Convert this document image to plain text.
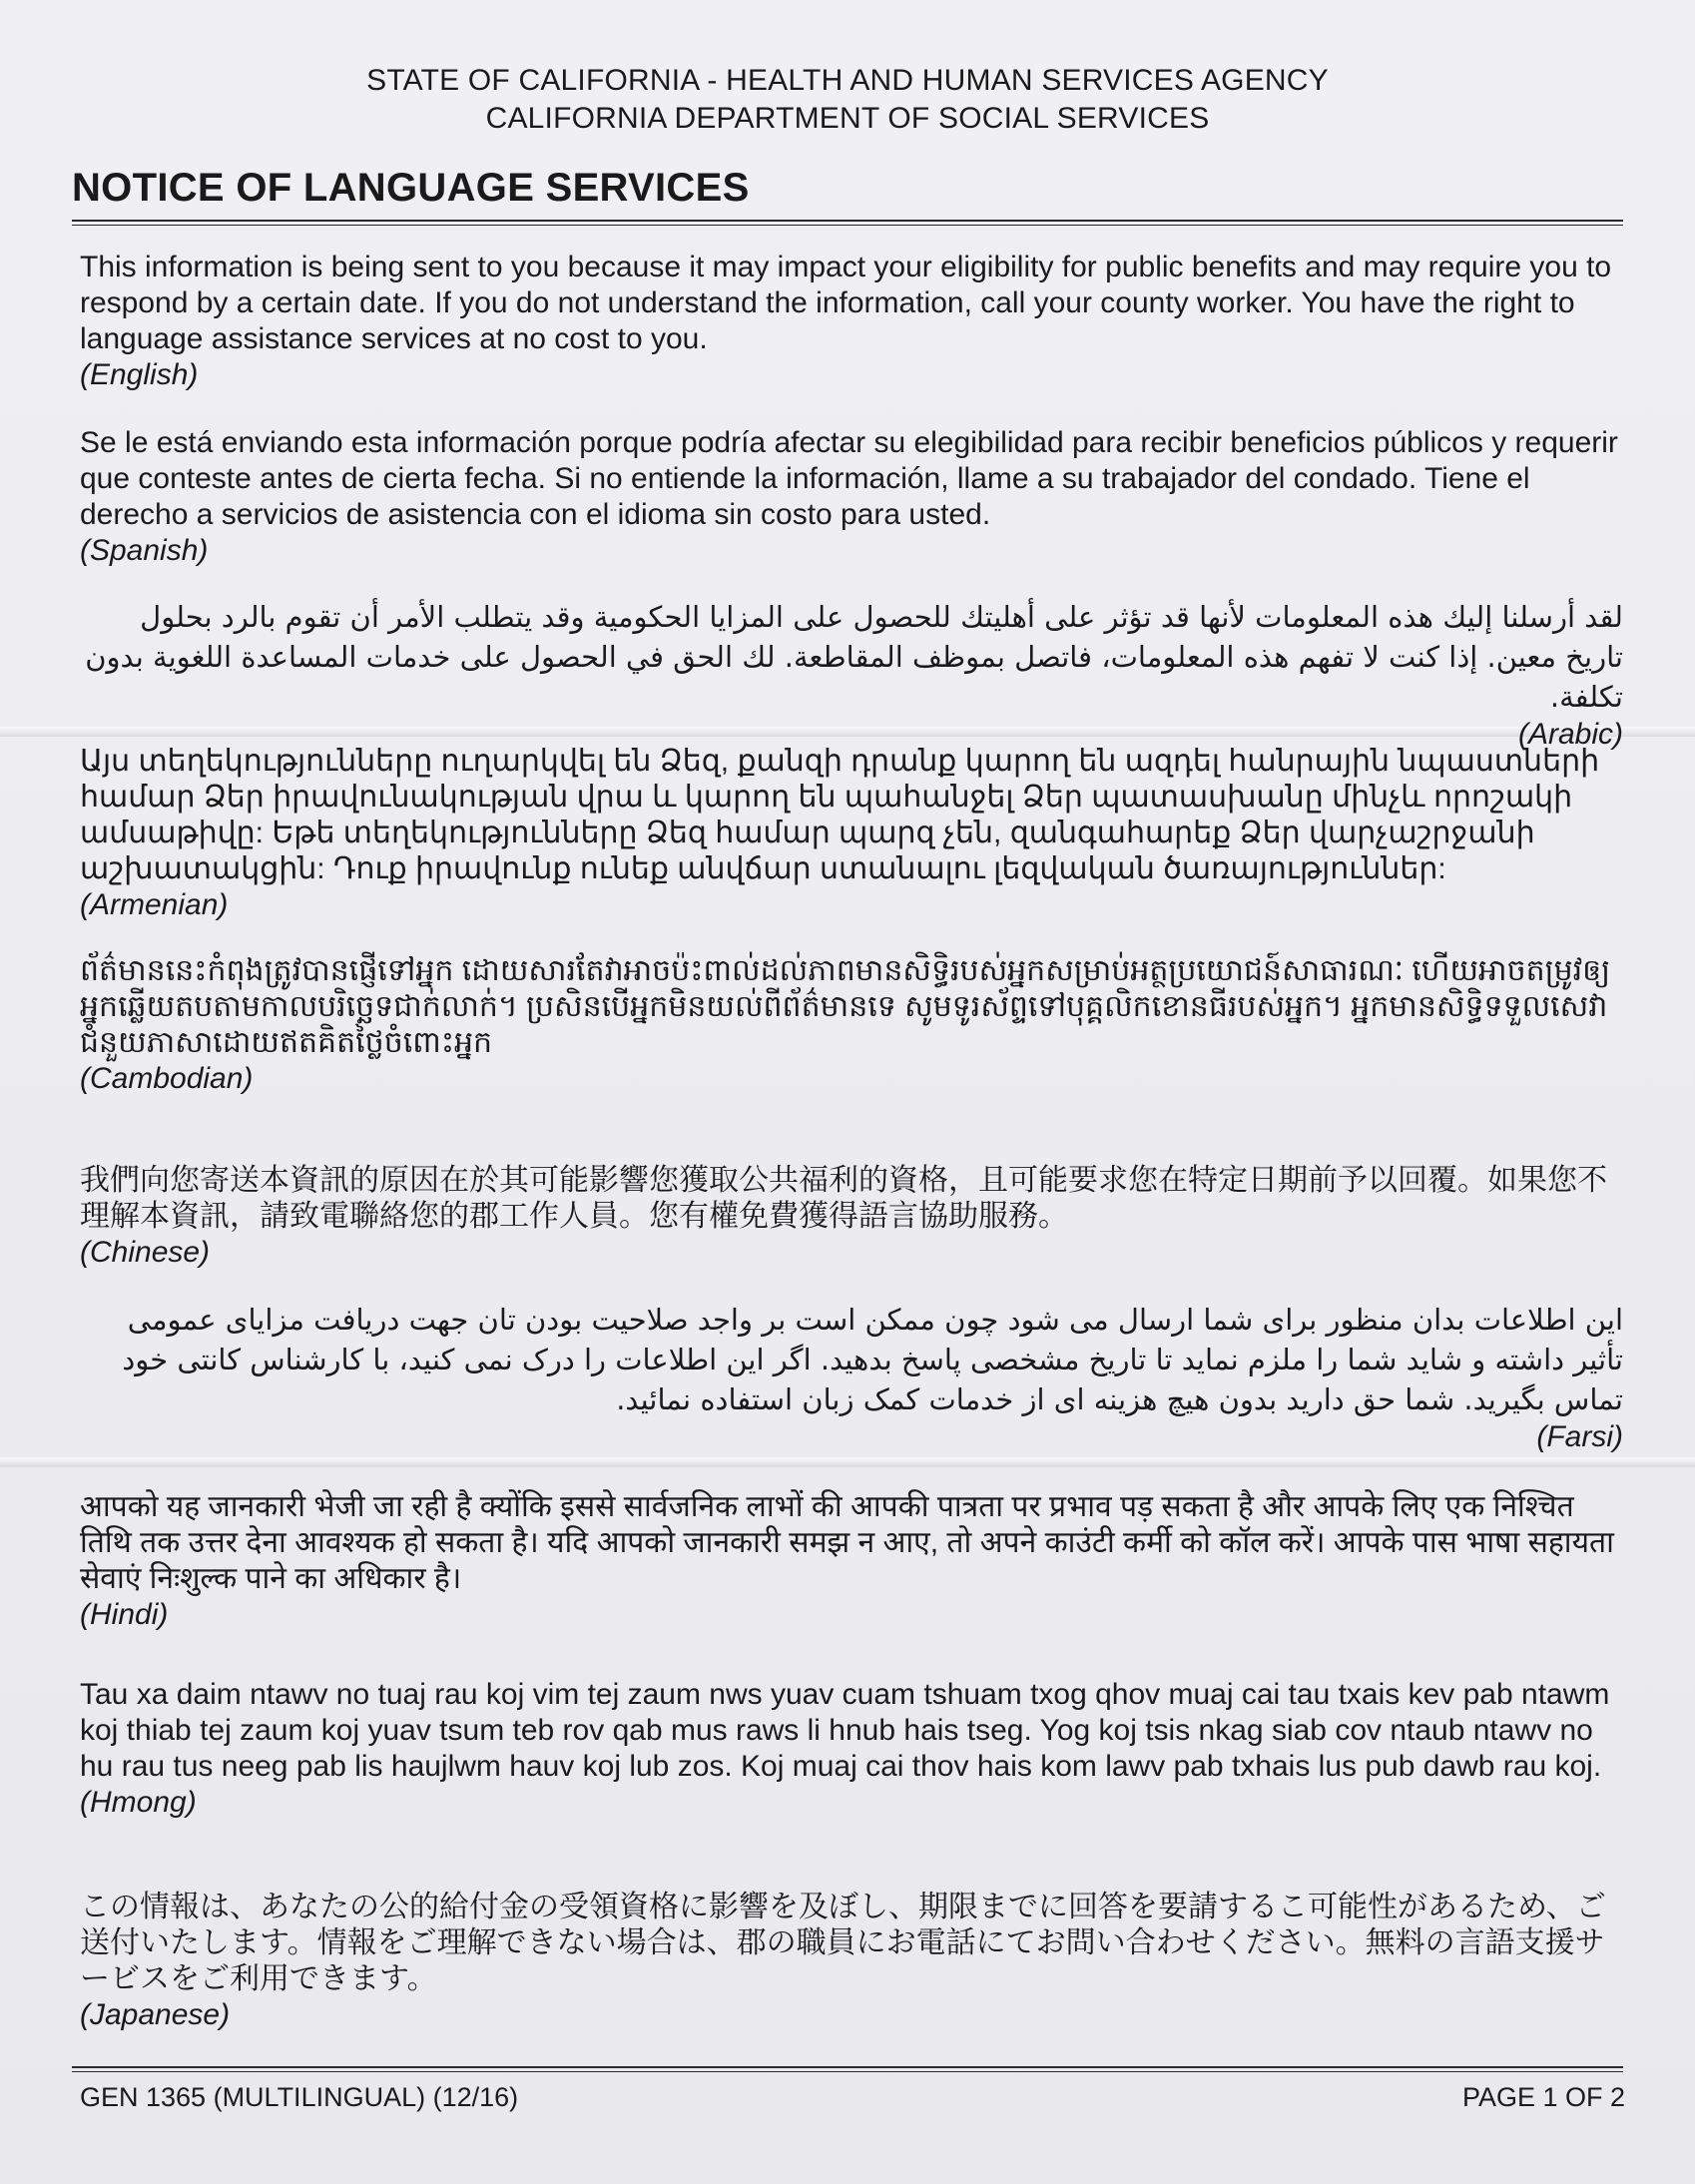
STATE OF CALIFORNIA - HEALTH AND HUMAN SERVICES AGENCY
CALIFORNIA DEPARTMENT OF SOCIAL SERVICES
NOTICE OF LANGUAGE SERVICES

This information is being sent to you because it may impact your eligibility for public benefits and may require you to respond by a certain date. If you do not understand the information, call your county worker. You have the right to language assistance services at no cost to you.

(English)

Se le está enviando esta información porque podría afectar su elegibilidad para recibir beneficios públicos y requerir que conteste antes de cierta fecha. Si no entiende la información, llame a su trabajador del condado. Tiene el derecho a servicios de asistencia con el idioma sin costo para usted.

(Spanish)

لقد أرسلنا إليك هذه المعلومات لأنها قد تؤثر على أهليتك للحصول على المزايا الحكومية وقد يتطلب الأمر أن تقوم بالرد بحلول تاريخ معين. إذا كنت لا تفهم هذه المعلومات، فاتصل بموظف المقاطعة. لك الحق في الحصول على خدمات المساعدة اللغوية بدون تكلفة.

(Arabic)

Այս տեղեկությունները ուղարկվել են Ձեզ, քանզի դրանք կարող են ազդել հանրային նպաստների համար Ձեր իրավունակության վրա և կարող են պահանջել Ձեր պատասխանը մինչև որոշակի ամսաթիվը: Եթե տեղեկությունները Ձեզ համար պարզ չեն, զանգահարեք Ձեր վարչաշրջանի աշխատակցին: Դուք իրավունք ունեք անվճար ստանալու լեզվական ծառայություններ:

(Armenian)

ព័ត៌មាននេះកំពុងត្រូវបានផ្ញើទៅអ្នក ដោយសារតែវាអាចប៉ះពាល់ដល់ភាពមានសិទ្ធិរបស់អ្នកសម្រាប់អត្ថប្រយោជន៍សាធារណៈ ហើយអាចតម្រូវឲ្យអ្នកឆ្លើយតបតាមកាលបរិច្ឆេទជាក់លាក់។ ប្រសិនបើអ្នកមិនយល់ពីព័ត៌មានទេ សូមទូរស័ព្ទទៅបុគ្គលិកខោនធីរបស់អ្នក។ អ្នកមានសិទ្ធិទទួលសេវាជំនួយភាសាដោយឥតគិតថ្លៃចំពោះអ្នក

(Cambodian)

我們向您寄送本資訊的原因在於其可能影響您獲取公共福利的資格，且可能要求您在特定日期前予以回覆。如果您不理解本資訊，請致電聯絡您的郡工作人員。您有權免費獲得語言協助服務。

(Chinese)

این اطلاعات بدان منظور برای شما ارسال می شود چون ممکن است بر واجد صلاحیت بودن تان جهت دریافت مزایای عمومی تأثیر داشته و شاید شما را ملزم نماید تا تاریخ مشخصی پاسخ بدهید. اگر این اطلاعات را درک نمی کنید، با کارشناس کانتی خود تماس بگیرید. شما حق دارید بدون هیچ هزینه ای از خدمات کمک زبان استفاده نمائید.

(Farsi)

आपको यह जानकारी भेजी जा रही है क्योंकि इससे सार्वजनिक लाभों की आपकी पात्रता पर प्रभाव पड़ सकता है और आपके लिए एक निश्चित तिथि तक उत्तर देना आवश्यक हो सकता है। यदि आपको जानकारी समझ न आए, तो अपने काउंटी कर्मी को कॉल करें। आपके पास भाषा सहायता सेवाएं निःशुल्क पाने का अधिकार है।

(Hindi)

Tau xa daim ntawv no tuaj rau koj vim tej zaum nws yuav cuam tshuam txog qhov muaj cai tau txais kev pab ntawm koj thiab tej zaum koj yuav tsum teb rov qab mus raws li hnub hais tseg. Yog koj tsis nkag siab cov ntaub ntawv no hu rau tus neeg pab lis haujlwm hauv koj lub zos. Koj muaj cai thov hais kom lawv pab txhais lus pub dawb rau koj.

(Hmong)

この情報は、あなたの公的給付金の受領資格に影響を及ぼし、期限までに回答を要請するこ可能性があるため、ご送付いたします。情報をご理解できない場合は、郡の職員にお電話にてお問い合わせください。無料の言語支援サービスをご利用できます。

(Japanese)

GEN 1365 (MULTILINGUAL) (12/16)	PAGE 1 OF 2
